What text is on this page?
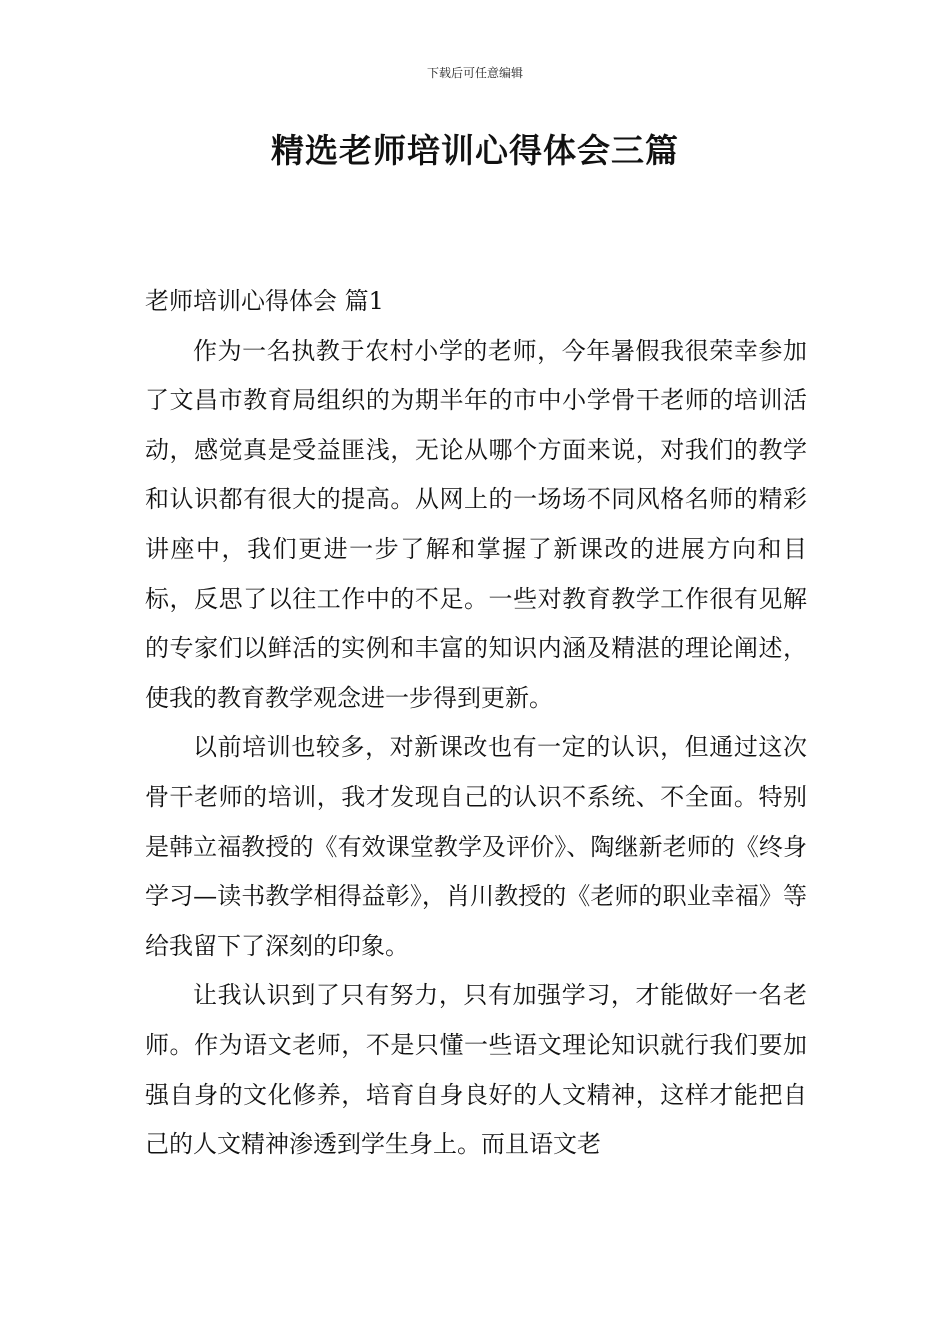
下载后可任意编辑
精选老师培训心得体会三篇
老师培训心得体会 篇1

作为一名执教于农村小学的老师，今年暑假我很荣幸参加了文昌市教育局组织的为期半年的市中小学骨干老师的培训活动，感觉真是受益匪浅，无论从哪个方面来说，对我们的教学和认识都有很大的提高。从网上的一场场不同风格名师的精彩讲座中，我们更进一步了解和掌握了新课改的进展方向和目标，反思了以往工作中的不足。一些对教育教学工作很有见解的专家们以鲜活的实例和丰富的知识内涵及精湛的理论阐述，使我的教育教学观念进一步得到更新。

以前培训也较多，对新课改也有一定的认识，但通过这次骨干老师的培训，我才发现自己的认识不系统、不全面。特别是韩立福教授的《有效课堂教学及评价》、陶继新老师的《终身学习—读书教学相得益彰》，肖川教授的《老师的职业幸福》等给我留下了深刻的印象。

让我认识到了只有努力，只有加强学习，才能做好一名老师。作为语文老师，不是只懂一些语文理论知识就行我们要加强自身的文化修养，培育自身良好的人文精神，这样才能把自己的人文精神渗透到学生身上。而且语文老
